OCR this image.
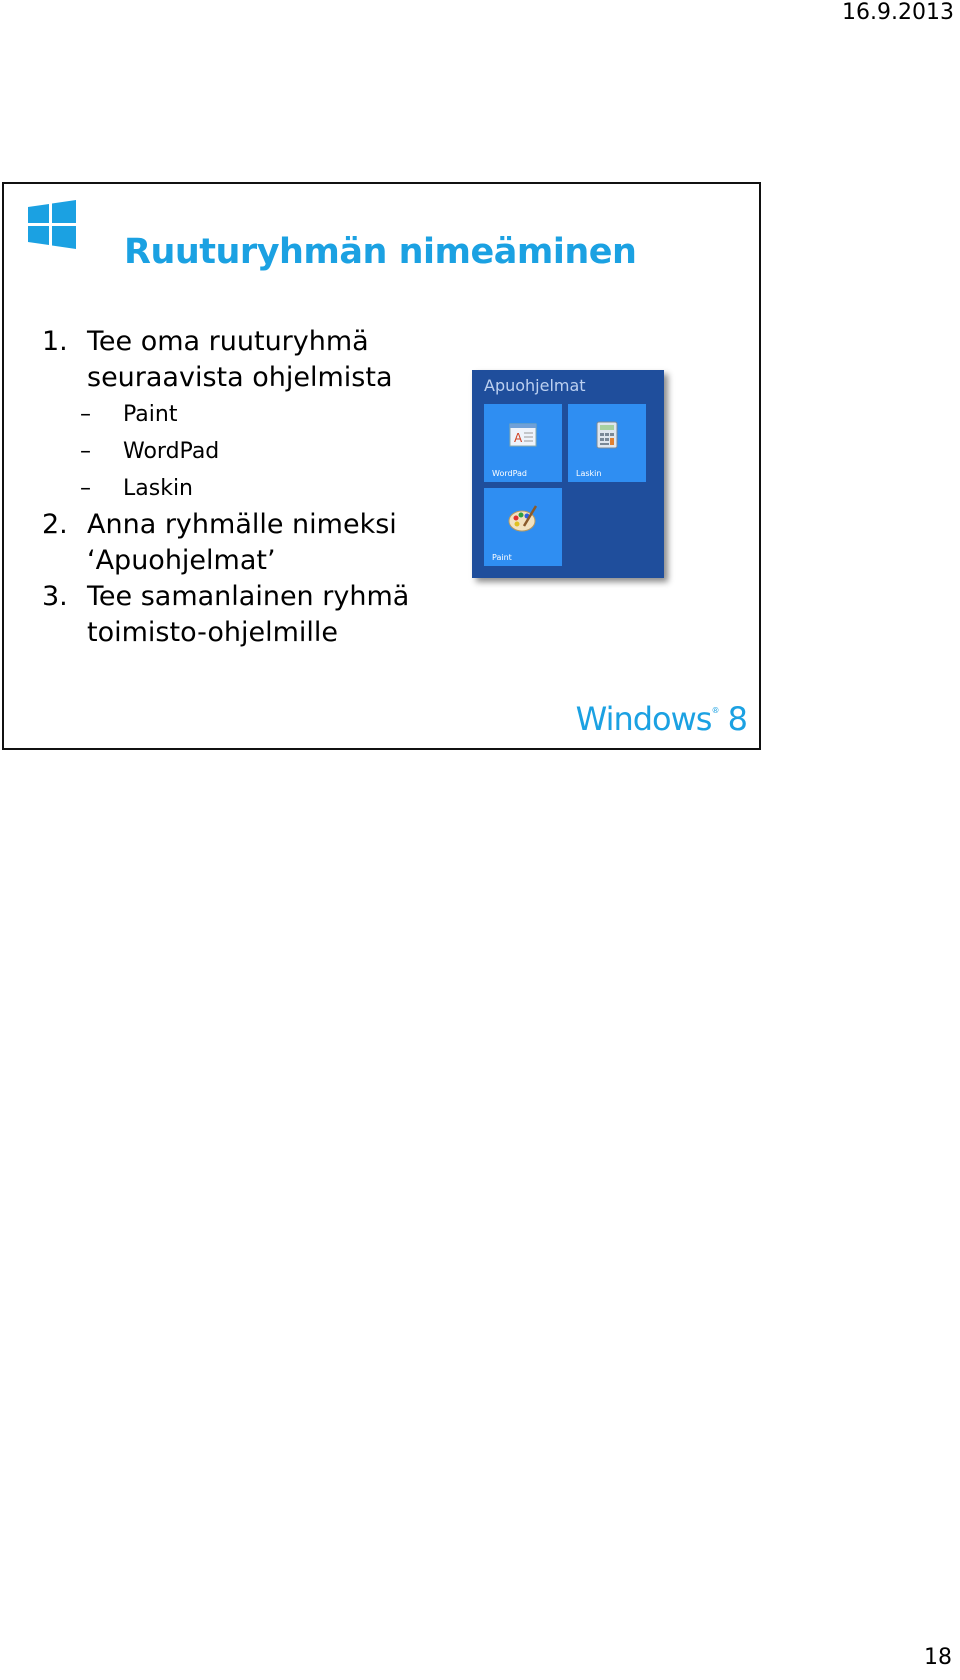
16.9.2013
Ruuturyhmän nimeäminen
1. Tee oma ruuturyhmä seuraavista ohjelmista
–	Paint
–	WordPad
–	Laskin
2. Anna ryhmälle nimeksi ‘Apuohjelmat’
3. Tee samanlainen ryhmä toimisto-ohjelmille
Apuohjelmat
A
WordPad	Laskin
Paint
Windows® 8
18
